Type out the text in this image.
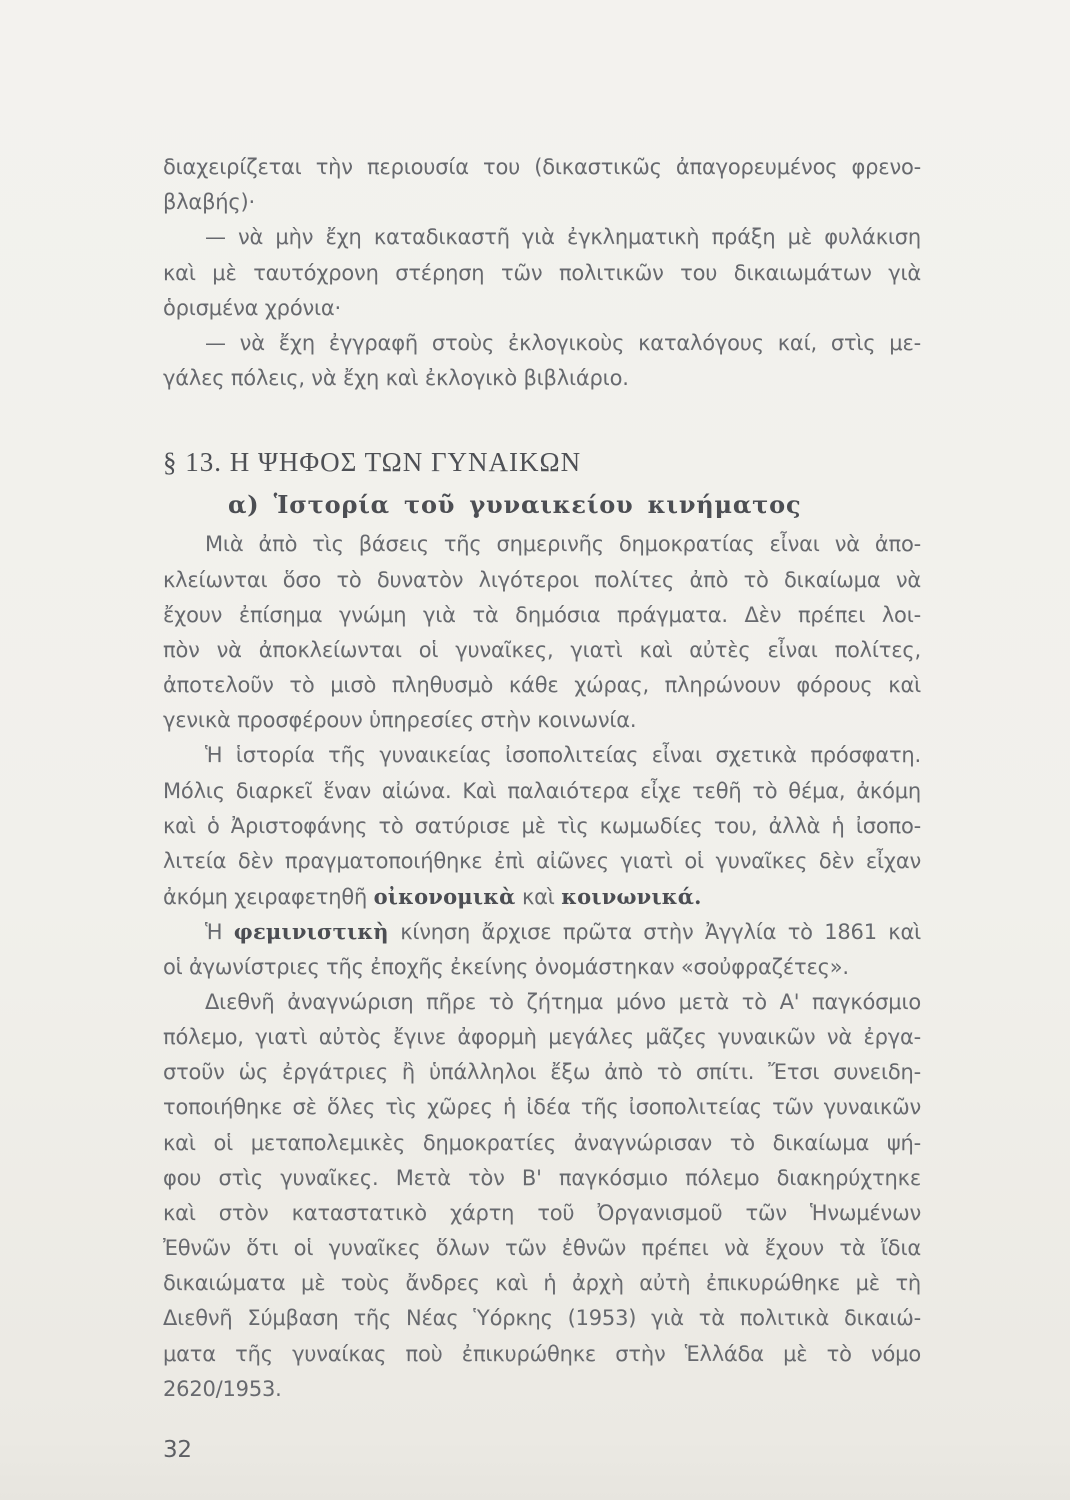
διαχειρίζεται τὴν περιουσία του (δικαστικῶς ἀπαγορευμένος φρενο-
βλαβής)·
— νὰ μὴν ἔχη καταδικαστῆ γιὰ ἐγκληματικὴ πράξη μὲ φυλάκιση
καὶ μὲ ταυτόχρονη στέρηση τῶν πολιτικῶν του δικαιωμάτων γιὰ
ὁρισμένα χρόνια·
— νὰ ἔχη ἐγγραφῆ στοὺς ἐκλογικοὺς καταλόγους καί, στὶς με-
γάλες πόλεις, νὰ ἔχη καὶ ἐκλογικὸ βιβλιάριο.
§ 13. Η ΨΗΦΟΣ ΤΩΝ ΓΥΝΑΙΚΩΝ
α) Ἱστορία τοῦ γυναικείου κινήματος
Μιὰ ἀπὸ τὶς βάσεις τῆς σημερινῆς δημοκρατίας εἶναι νὰ ἀπο-
κλείωνται ὅσο τὸ δυνατὸν λιγότεροι πολίτες ἀπὸ τὸ δικαίωμα νὰ
ἔχουν ἐπίσημα γνώμη γιὰ τὰ δημόσια πράγματα. Δὲν πρέπει λοι-
πὸν νὰ ἀποκλείωνται οἱ γυναῖκες, γιατὶ καὶ αὐτὲς εἶναι πολίτες,
ἀποτελοῦν τὸ μισὸ πληθυσμὸ κάθε χώρας, πληρώνουν φόρους καὶ
γενικὰ προσφέρουν ὑπηρεσίες στὴν κοινωνία.
Ἡ ἱστορία τῆς γυναικείας ἰσοπολιτείας εἶναι σχετικὰ πρόσφατη.
Μόλις διαρκεῖ ἕναν αἰώνα. Καὶ παλαιότερα εἶχε τεθῆ τὸ θέμα, ἀκόμη
καὶ ὁ Ἀριστοφάνης τὸ σατύρισε μὲ τὶς κωμωδίες του, ἀλλὰ ἡ ἰσοπο-
λιτεία δὲν πραγματοποιήθηκε ἐπὶ αἰῶνες γιατὶ οἱ γυναῖκες δὲν εἶχαν
ἀκόμη χειραφετηθῆ οἰκονομικὰ καὶ κοινωνικά.
Ἡ φεμινιστικὴ κίνηση ἄρχισε πρῶτα στὴν Ἀγγλία τὸ 1861 καὶ
οἱ ἀγωνίστριες τῆς ἐποχῆς ἐκείνης ὀνομάστηκαν «σοὐφραζέτες».
Διεθνῆ ἀναγνώριση πῆρε τὸ ζήτημα μόνο μετὰ τὸ Α' παγκόσμιο
πόλεμο, γιατὶ αὐτὸς ἔγινε ἀφορμὴ μεγάλες μᾶζες γυναικῶν νὰ ἐργα-
στοῦν ὡς ἐργάτριες ἢ ὑπάλληλοι ἔξω ἀπὸ τὸ σπίτι. Ἔτσι συνειδη-
τοποιήθηκε σὲ ὅλες τὶς χῶρες ἡ ἰδέα τῆς ἰσοπολιτείας τῶν γυναικῶν
καὶ οἱ μεταπολεμικὲς δημοκρατίες ἀναγνώρισαν τὸ δικαίωμα ψή-
φου στὶς γυναῖκες. Μετὰ τὸν Β' παγκόσμιο πόλεμο διακηρύχτηκε
καὶ στὸν καταστατικὸ χάρτη τοῦ Ὀργανισμοῦ τῶν Ἡνωμένων
Ἐθνῶν ὅτι οἱ γυναῖκες ὅλων τῶν ἐθνῶν πρέπει νὰ ἔχουν τὰ ἴδια
δικαιώματα μὲ τοὺς ἄνδρες καὶ ἡ ἀρχὴ αὐτὴ ἐπικυρώθηκε μὲ τὴ
Διεθνῆ Σύμβαση τῆς Νέας Ὑόρκης (1953) γιὰ τὰ πολιτικὰ δικαιώ-
ματα τῆς γυναίκας ποὺ ἐπικυρώθηκε στὴν Ἑλλάδα μὲ τὸ νόμο
2620/1953.
32
